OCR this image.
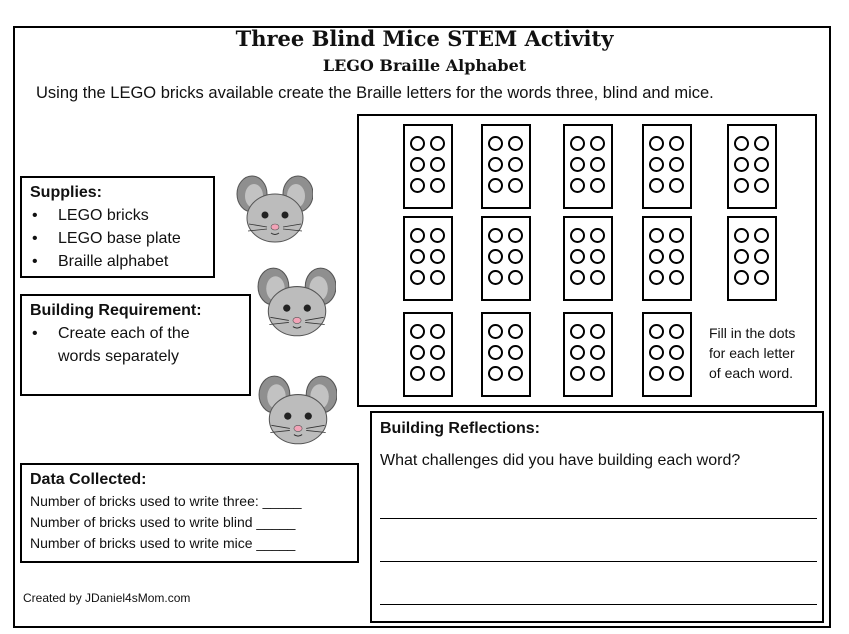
Three Blind Mice STEM Activity
LEGO Braille Alphabet
Using the LEGO bricks available create the Braille letters for the words three, blind and mice.
Supplies:
• LEGO bricks
• LEGO base plate
• Braille alphabet
Building Requirement:
• Create each of the words separately
Data Collected:
Number of bricks used to write three: _____
Number of bricks used to write blind _____
Number of bricks used to write mice _____
Fill in the dots
for each letter
of each word.
Building Reflections:
What challenges did you have building each word?
Created by JDaniel4sMom.com
